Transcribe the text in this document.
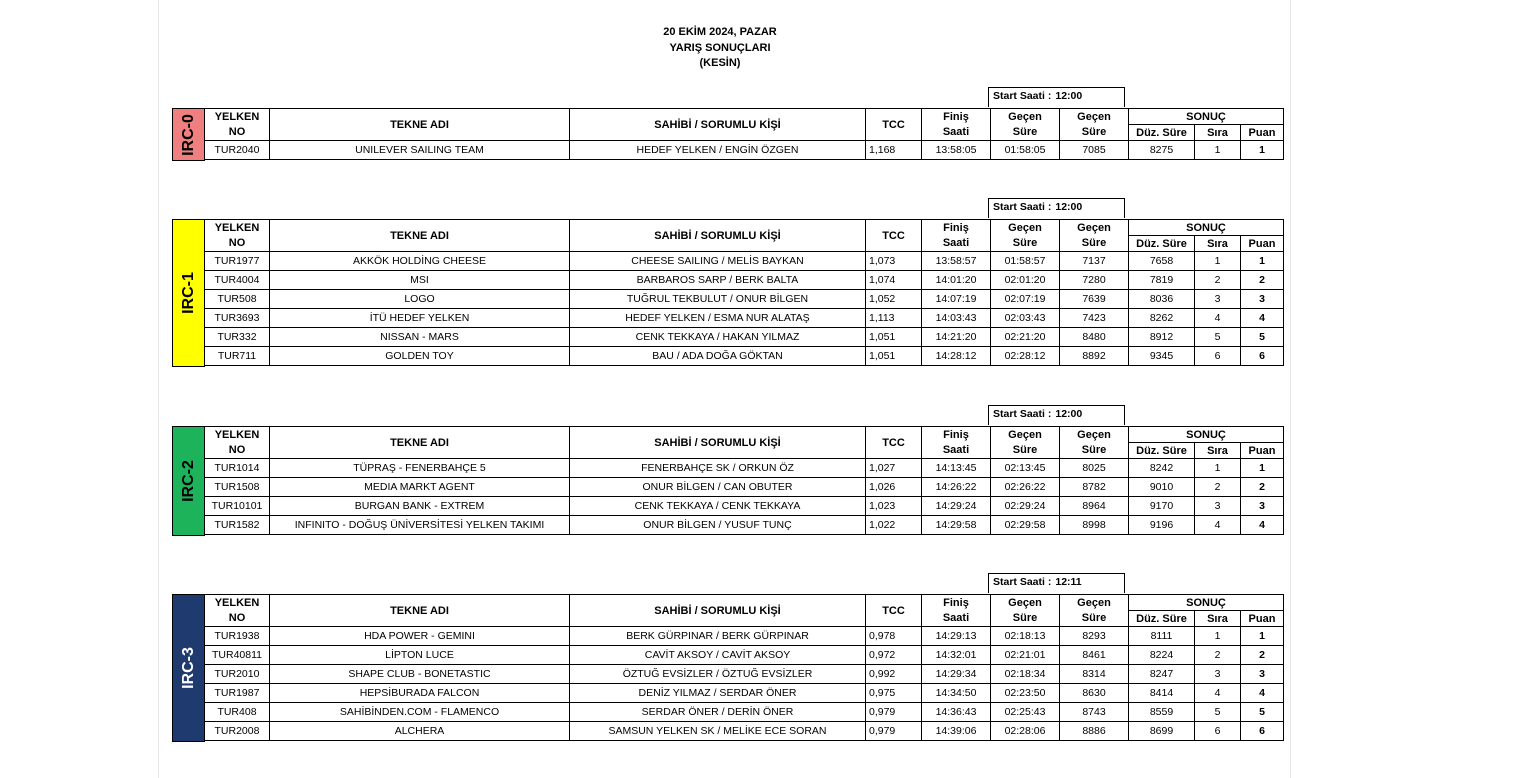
20 EKİM 2024, PAZAR
YARIŞ SONUÇLARI
(KESİN)
Start Saati : 12:00
IRC-0 YELKEN	TEKNE ADI	SAHİBİ / SORUMLU KİŞİ	TCC	Finiş	Geçen	Geçen	SONUÇ		
NO				Saati	Süre	Süre	Düz. Süre	Sıra	Puan
TUR2040	UNILEVER SAILING TEAM	HEDEF YELKEN / ENGİN ÖZGEN	1,168	13:58:05	01:58:05	7085	8275	1	1
Start Saati : 12:00
IRC-1
YELKEN	TEKNE ADI	SAHİBİ / SORUMLU KİŞİ	TCC	Finiş	Geçen	Geçen	SONUÇ		
NO				Saati	Süre	Süre	Düz. Süre	Sıra	Puan
TUR1977	AKKÖK HOLDİNG CHEESE	CHEESE SAILING / MELİS BAYKAN	1,073	13:58:57	01:58:57	7137	7658	1	1
TUR4004	MSI	BARBAROS SARP / BERK BALTA	1,074	14:01:20	02:01:20	7280	7819	2	2
TUR508	LOGO	TUĞRUL TEKBULUT / ONUR BİLGEN	1,052	14:07:19	02:07:19	7639	8036	3	3
TUR3693	İTÜ HEDEF YELKEN	HEDEF YELKEN / ESMA NUR ALATAŞ	1,113	14:03:43	02:03:43	7423	8262	4	4
TUR332	NISSAN - MARS	CENK TEKKAYA / HAKAN YILMAZ	1,051	14:21:20	02:21:20	8480	8912	5	5
TUR711	GOLDEN TOY	BAU / ADA DOĞA GÖKTAN	1,051	14:28:12	02:28:12	8892	9345	6	6
Start Saati : 12:00
IRC-2
YELKEN	TEKNE ADI	SAHİBİ / SORUMLU KİŞİ	TCC	Finiş	Geçen	Geçen	SONUÇ		
NO				Saati	Süre	Süre	Düz. Süre	Sıra	Puan
TUR1014	TÜPRAŞ - FENERBAHÇE 5	FENERBAHÇE SK / ORKUN ÖZ	1,027	14:13:45	02:13:45	8025	8242	1	1
TUR1508	MEDIA MARKT AGENT	ONUR BİLGEN / CAN OBUTER	1,026	14:26:22	02:26:22	8782	9010	2	2
TUR10101	BURGAN BANK - EXTREM	CENK TEKKAYA / CENK TEKKAYA	1,023	14:29:24	02:29:24	8964	9170	3	3
TUR1582	INFINITO - DOĞUŞ ÜNİVERSİTESİ YELKEN TAKIMI	ONUR BİLGEN / YUSUF TUNÇ	1,022	14:29:58	02:29:58	8998	9196	4	4
Start Saati : 12:11
IRC-3
YELKEN	TEKNE ADI	SAHİBİ / SORUMLU KİŞİ	TCC	Finiş	Geçen	Geçen	SONUÇ		
NO				Saati	Süre	Süre	Düz. Süre	Sıra	Puan
TUR1938	HDA POWER - GEMINI	BERK GÜRPINAR / BERK GÜRPINAR	0,978	14:29:13	02:18:13	8293	8111	1	1
TUR40811	LİPTON LUCE	CAVİT AKSOY / CAVİT AKSOY	0,972	14:32:01	02:21:01	8461	8224	2	2
TUR2010	SHAPE CLUB - BONETASTIC	ÖZTUĞ EVSİZLER / ÖZTUĞ EVSİZLER	0,992	14:29:34	02:18:34	8314	8247	3	3
TUR1987	HEPSİBURADA FALCON	DENİZ YILMAZ / SERDAR ÖNER	0,975	14:34:50	02:23:50	8630	8414	4	4
TUR408	SAHİBİNDEN.COM - FLAMENCO	SERDAR ÖNER / DERİN ÖNER	0,979	14:36:43	02:25:43	8743	8559	5	5
TUR2008	ALCHERA	SAMSUN YELKEN SK / MELİKE ECE SORAN	0,979	14:39:06	02:28:06	8886	8699	6	6
